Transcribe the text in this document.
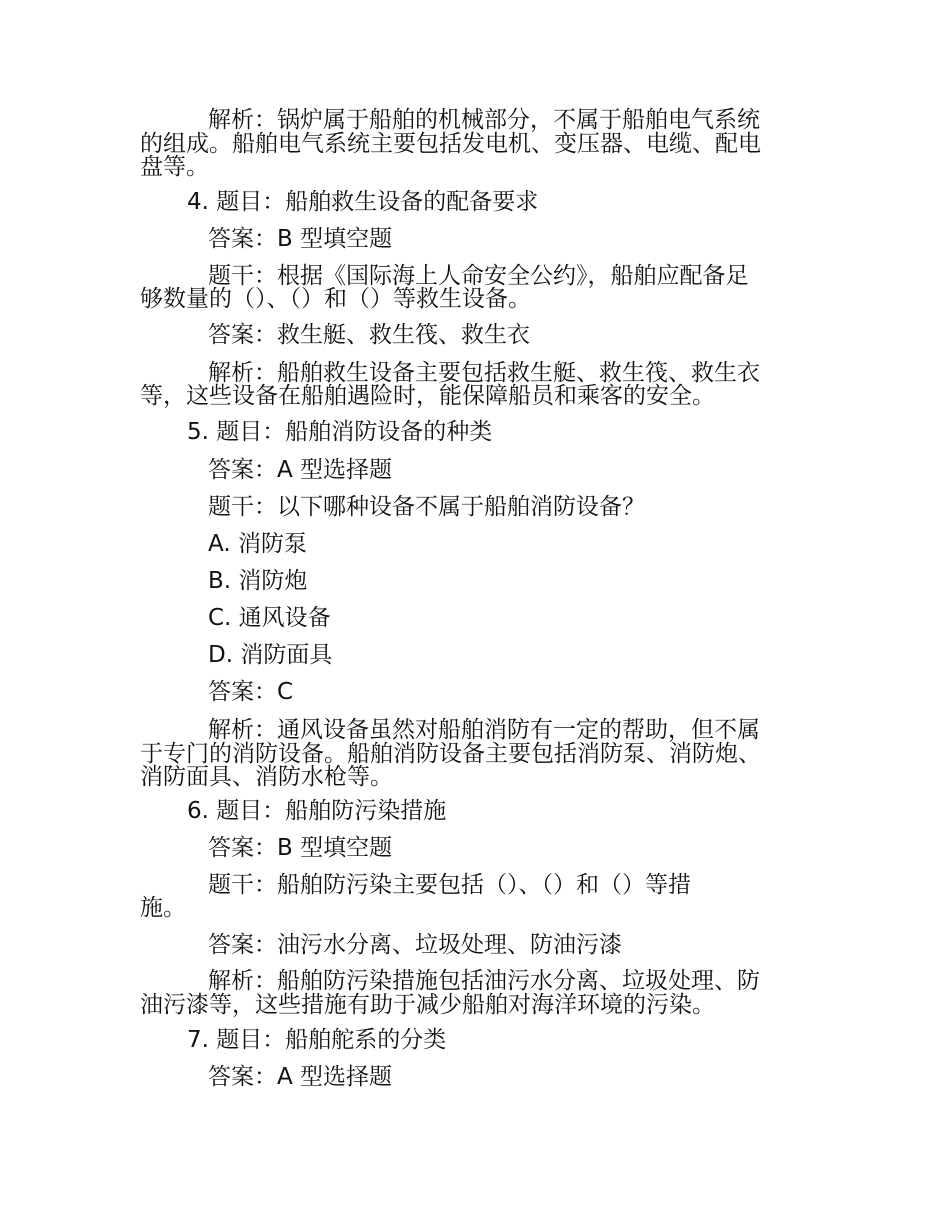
解析：锅炉属于船舶的机械部分，不属于船舶电气系统

的组成。船舶电气系统主要包括发电机、变压器、电缆、配电

盘等。

4. 题目：船舶救生设备的配备要求

答案：B 型填空题

题干：根据《国际海上人命安全公约》，船舶应配备足

够数量的（）、（）和（）等救生设备。

答案：救生艇、救生筏、救生衣

解析：船舶救生设备主要包括救生艇、救生筏、救生衣

等，这些设备在船舶遇险时，能保障船员和乘客的安全。

5. 题目：船舶消防设备的种类

答案：A 型选择题

题干：以下哪种设备不属于船舶消防设备？

A. 消防泵

B. 消防炮

C. 通风设备

D. 消防面具

答案：C

解析：通风设备虽然对船舶消防有一定的帮助，但不属

于专门的消防设备。船舶消防设备主要包括消防泵、消防炮、

消防面具、消防水枪等。

6. 题目：船舶防污染措施

答案：B 型填空题

题干：船舶防污染主要包括（）、（）和（）等措

施。

答案：油污水分离、垃圾处理、防油污漆

解析：船舶防污染措施包括油污水分离、垃圾处理、防

油污漆等，这些措施有助于减少船舶对海洋环境的污染。

7. 题目：船舶舵系的分类

答案：A 型选择题
